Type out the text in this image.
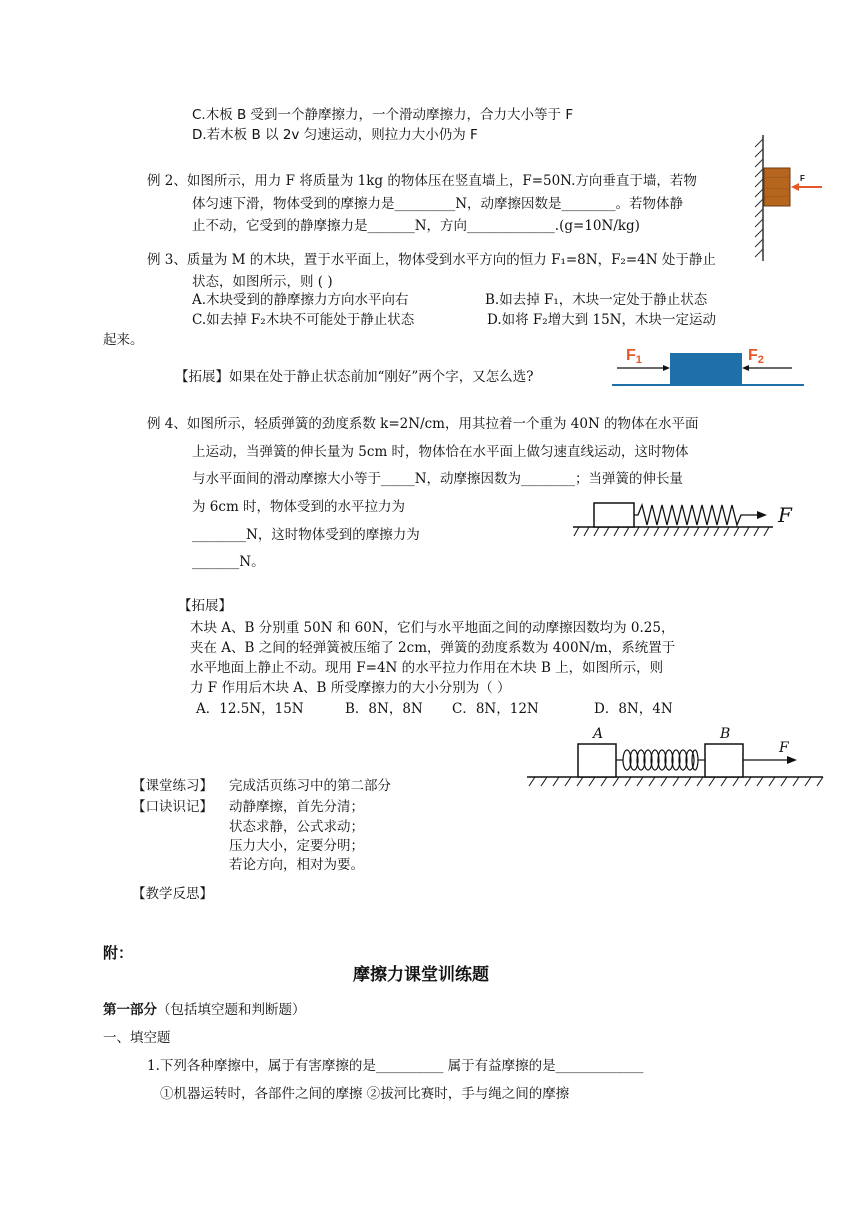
C.木板 B 受到一个静摩擦力，一个滑动摩擦力，合力大小等于 F
D.若木板 B 以 2v 匀速运动，则拉力大小仍为 F
例 2、如图所示，用力 F 将质量为 1kg 的物体压在竖直墙上，F=50N.方向垂直于墙，若物
体匀速下滑，物体受到的摩擦力是_________N，动摩擦因数是________。若物体静
止不动，它受到的静摩擦力是_______N，方向_____________.(g=10N/kg)
F
例 3、质量为 M 的木块，置于水平面上，物体受到水平方向的恒力 F₁=8N，F₂=4N 处于静止
状态，如图所示，则 ( )
A.木块受到的静摩擦力方向水平向右	B.如去掉 F₁，木块一定处于静止状态
C.如去掉 F₂木块不可能处于静止状态	D.如将 F₂增大到 15N，木块一定运动
起来。
【拓展】如果在处于静止状态前加“刚好”两个字，又怎么选?
F1	F2
例 4、如图所示，轻质弹簧的劲度系数 k=2N/cm，用其拉着一个重为 40N 的物体在水平面
上运动，当弹簧的伸长量为 5cm 时，物体恰在水平面上做匀速直线运动，这时物体
与水平面间的滑动摩擦大小等于_____N，动摩擦因数为________；当弹簧的伸长量
为 6cm 时，物体受到的水平拉力为
________N，这时物体受到的摩擦力为
_______N。
F
【拓展】
木块 A、B 分别重 50N 和 60N，它们与水平地面之间的动摩擦因数均为 0.25，
夹在 A、B 之间的轻弹簧被压缩了 2cm，弹簧的劲度系数为 400N/m，系统置于
水平地面上静止不动。现用 F=4N 的水平拉力作用在木块 B 上，如图所示，则
力 F 作用后木块 A、B 所受摩擦力的大小分别为（ ）
A．12.5N，15N	B．8N，8N C．8N，12N	D．8N，4N
A	B
F
【课堂练习】 完成活页练习中的第二部分
【口诀识记】 动静摩擦，首先分清；
状态求静，公式求动；
压力大小，定要分明；
若论方向，相对为要。
【教学反思】
附：
摩擦力课堂训练题
第一部分（包括填空题和判断题）
一、填空题
1.下列各种摩擦中，属于有害摩擦的是__________ 属于有益摩擦的是_____________
①机器运转时，各部件之间的摩擦 ②拔河比赛时，手与绳之间的摩擦
